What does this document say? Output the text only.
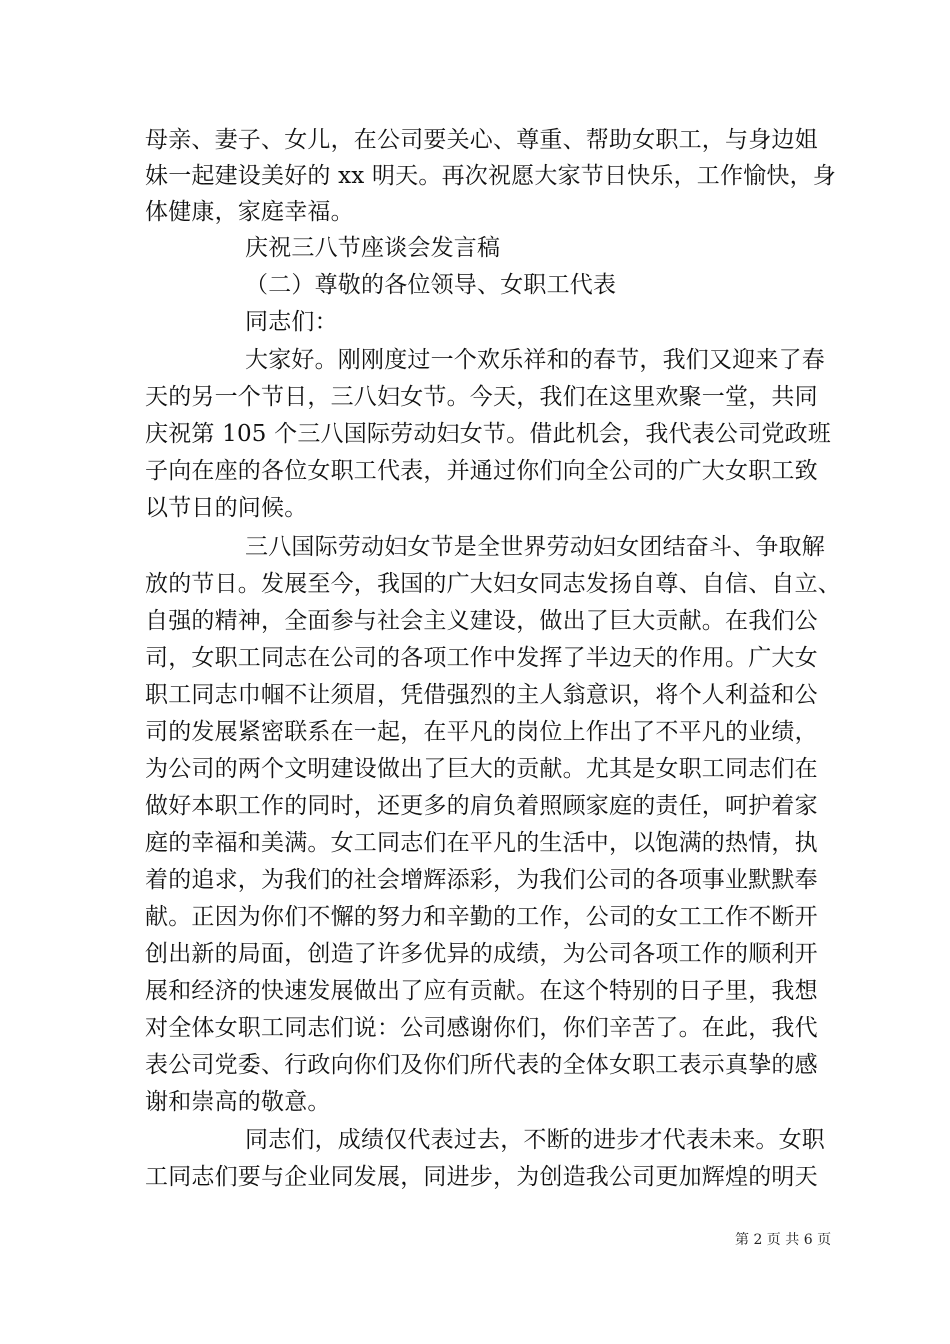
母亲、妻子、女儿，在公司要关心、尊重、帮助女职工，与身边姐
妹一起建设美好的 xx 明天。再次祝愿大家节日快乐，工作愉快，身
体健康，家庭幸福。
庆祝三八节座谈会发言稿
（二）尊敬的各位领导、女职工代表
同志们：
大家好。刚刚度过一个欢乐祥和的春节，我们又迎来了春
天的另一个节日，三八妇女节。今天，我们在这里欢聚一堂，共同
庆祝第 105 个三八国际劳动妇女节。借此机会，我代表公司党政班
子向在座的各位女职工代表，并通过你们向全公司的广大女职工致
以节日的问候。
三八国际劳动妇女节是全世界劳动妇女团结奋斗、争取解
放的节日。发展至今，我国的广大妇女同志发扬自尊、自信、自立、
自强的精神，全面参与社会主义建设，做出了巨大贡献。在我们公
司，女职工同志在公司的各项工作中发挥了半边天的作用。广大女
职工同志巾帼不让须眉，凭借强烈的主人翁意识，将个人利益和公
司的发展紧密联系在一起，在平凡的岗位上作出了不平凡的业绩，
为公司的两个文明建设做出了巨大的贡献。尤其是女职工同志们在
做好本职工作的同时，还更多的肩负着照顾家庭的责任，呵护着家
庭的幸福和美满。女工同志们在平凡的生活中，以饱满的热情，执
着的追求，为我们的社会增辉添彩，为我们公司的各项事业默默奉
献。正因为你们不懈的努力和辛勤的工作，公司的女工工作不断开
创出新的局面，创造了许多优异的成绩，为公司各项工作的顺利开
展和经济的快速发展做出了应有贡献。在这个特别的日子里，我想
对全体女职工同志们说：公司感谢你们，你们辛苦了。在此，我代
表公司党委、行政向你们及你们所代表的全体女职工表示真挚的感
谢和崇高的敬意。
同志们，成绩仅代表过去，不断的进步才代表未来。女职
工同志们要与企业同发展，同进步，为创造我公司更加辉煌的明天
第 2 页 共 6 页
